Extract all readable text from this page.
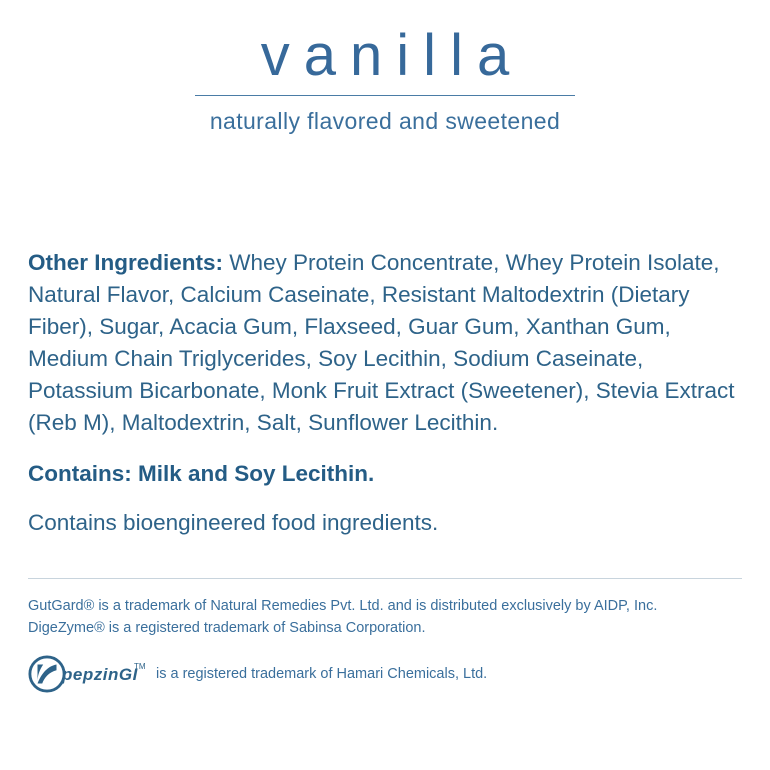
vanilla
naturally flavored and sweetened

Other Ingredients: Whey Protein Concentrate, Whey Protein Isolate, Natural Flavor, Calcium Caseinate, Resistant Maltodextrin (Dietary Fiber), Sugar, Acacia Gum, Flaxseed, Guar Gum, Xanthan Gum, Medium Chain Triglycerides, Soy Lecithin, Sodium Caseinate, Potassium Bicarbonate, Monk Fruit Extract (Sweetener), Stevia Extract (Reb M), Maltodextrin, Salt, Sunflower Lecithin.

Contains: Milk and Soy Lecithin.

Contains bioengineered food ingredients.

GutGard® is a trademark of Natural Remedies Pvt. Ltd. and is distributed exclusively by AIDP, Inc.
DigeZyme® is a registered trademark of Sabinsa Corporation.
pepzinGI
TM is a registered trademark of Hamari Chemicals, Ltd.
